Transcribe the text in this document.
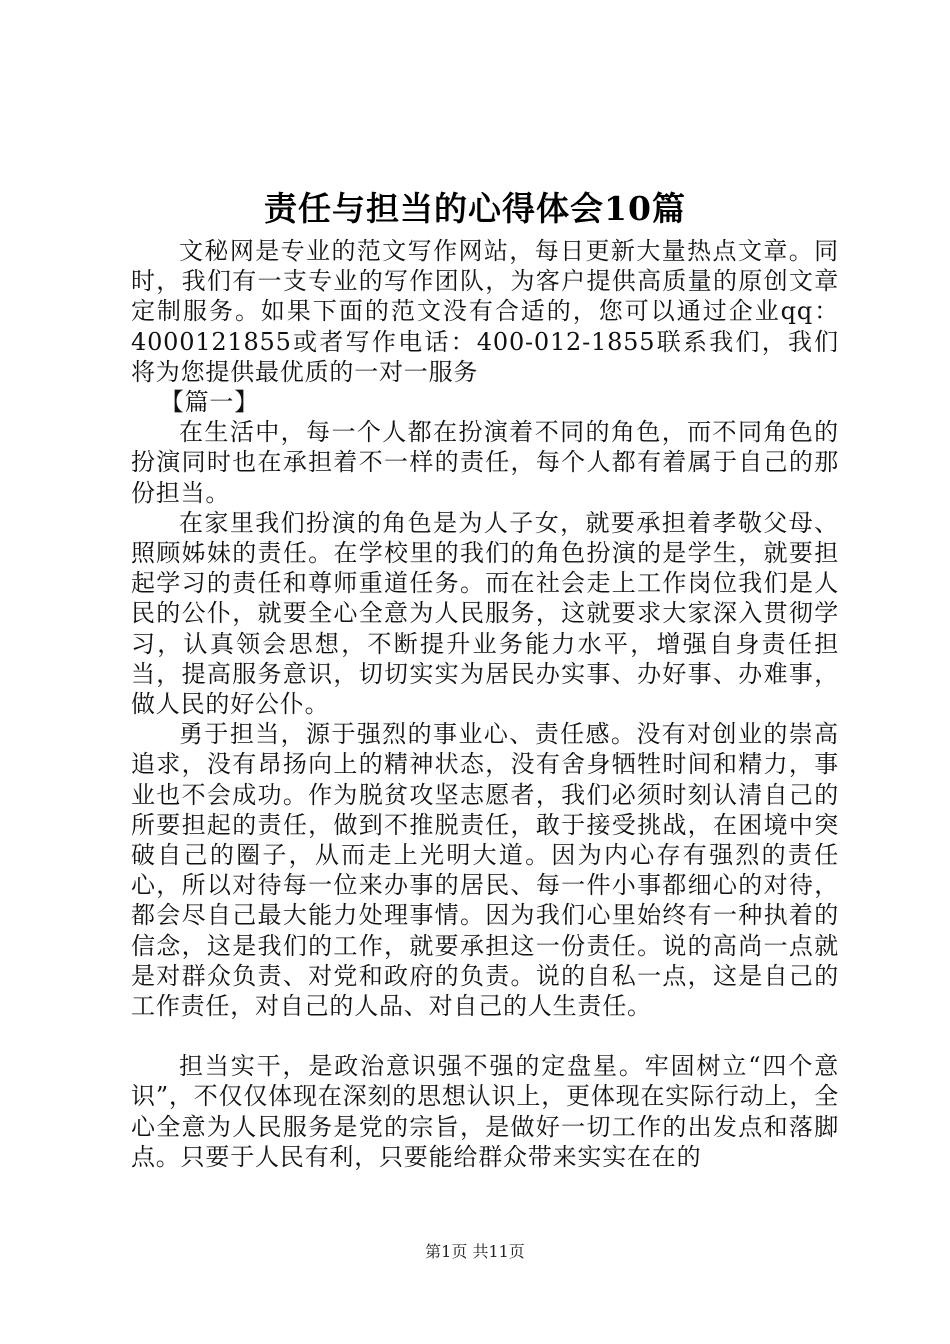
责任与担当的心得体会10篇

文秘网是专业的范文写作网站，每日更新大量热点文章。同时，我们有一支专业的写作团队，为客户提供高质量的原创文章定制服务。如果下面的范文没有合适的，您可以通过企业qq：4000121855或者写作电话：400-012-1855联系我们，我们将为您提供最优质的一对一服务

【篇一】

在生活中，每一个人都在扮演着不同的角色，而不同角色的扮演同时也在承担着不一样的责任，每个人都有着属于自己的那份担当。

在家里我们扮演的角色是为人子女，就要承担着孝敬父母、照顾姊妹的责任。在学校里的我们的角色扮演的是学生，就要担起学习的责任和尊师重道任务。而在社会走上工作岗位我们是人民的公仆，就要全心全意为人民服务，这就要求大家深入贯彻学习，认真领会思想，不断提升业务能力水平，增强自身责任担当，提高服务意识，切切实实为居民办实事、办好事、办难事，做人民的好公仆。

勇于担当，源于强烈的事业心、责任感。没有对创业的崇高追求，没有昂扬向上的精神状态，没有舍身牺牲时间和精力，事业也不会成功。作为脱贫攻坚志愿者，我们必须时刻认清自己的所要担起的责任，做到不推脱责任，敢于接受挑战，在困境中突破自己的圈子，从而走上光明大道。因为内心存有强烈的责任心，所以对待每一位来办事的居民、每一件小事都细心的对待，都会尽自己最大能力处理事情。因为我们心里始终有一种执着的信念，这是我们的工作，就要承担这一份责任。说的高尚一点就是对群众负责、对党和政府的负责。说的自私一点，这是自己的工作责任，对自己的人品、对自己的人生责任。

担当实干，是政治意识强不强的定盘星。牢固树立“四个意识”，不仅仅体现在深刻的思想认识上，更体现在实际行动上，全心全意为人民服务是党的宗旨，是做好一切工作的出发点和落脚点。只要于人民有利，只要能给群众带来实实在在的

第1页 共11页
